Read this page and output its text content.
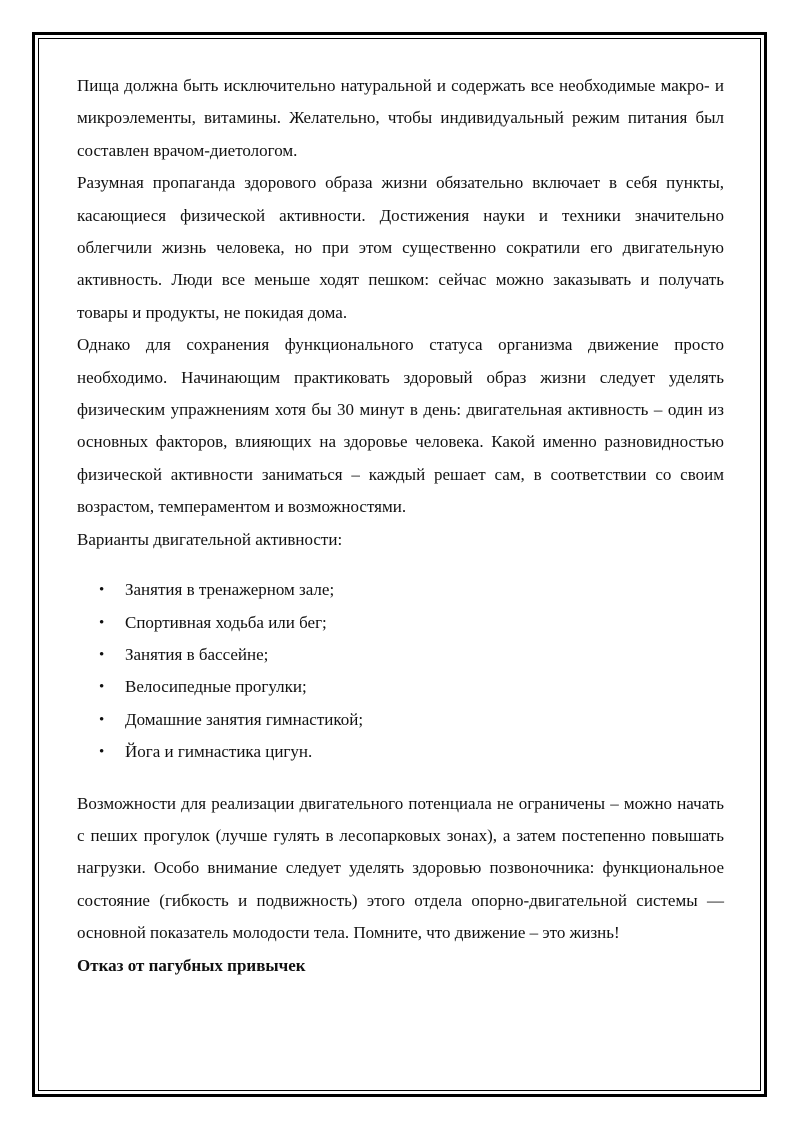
Пища должна быть исключительно натуральной и содержать все необходимые макро- и микроэлементы, витамины. Желательно, чтобы индивидуальный режим питания был составлен врачом-диетологом.

Разумная пропаганда здорового образа жизни обязательно включает в себя пункты, касающиеся физической активности. Достижения науки и техники значительно облегчили жизнь человека, но при этом существенно сократили его двигательную активность. Люди все меньше ходят пешком: сейчас можно заказывать и получать товары и продукты, не покидая дома.

Однако для сохранения функционального статуса организма движение просто необходимо. Начинающим практиковать здоровый образ жизни следует уделять физическим упражнениям хотя бы 30 минут в день: двигательная активность – один из основных факторов, влияющих на здоровье человека. Какой именно разновидностью физической активности заниматься – каждый решает сам, в соответствии со своим возрастом, темпераментом и возможностями.

Варианты двигательной активности:

• Занятия в тренажерном зале;
• Спортивная ходьба или бег;
• Занятия в бассейне;
• Велосипедные прогулки;
• Домашние занятия гимнастикой;
• Йога и гимнастика цигун.

Возможности для реализации двигательного потенциала не ограничены – можно начать с пеших прогулок (лучше гулять в лесопарковых зонах), а затем постепенно повышать нагрузки. Особо внимание следует уделять здоровью позвоночника: функциональное состояние (гибкость и подвижность) этого отдела опорно-двигательной системы — основной показатель молодости тела. Помните, что движение – это жизнь!

Отказ от пагубных привычек
